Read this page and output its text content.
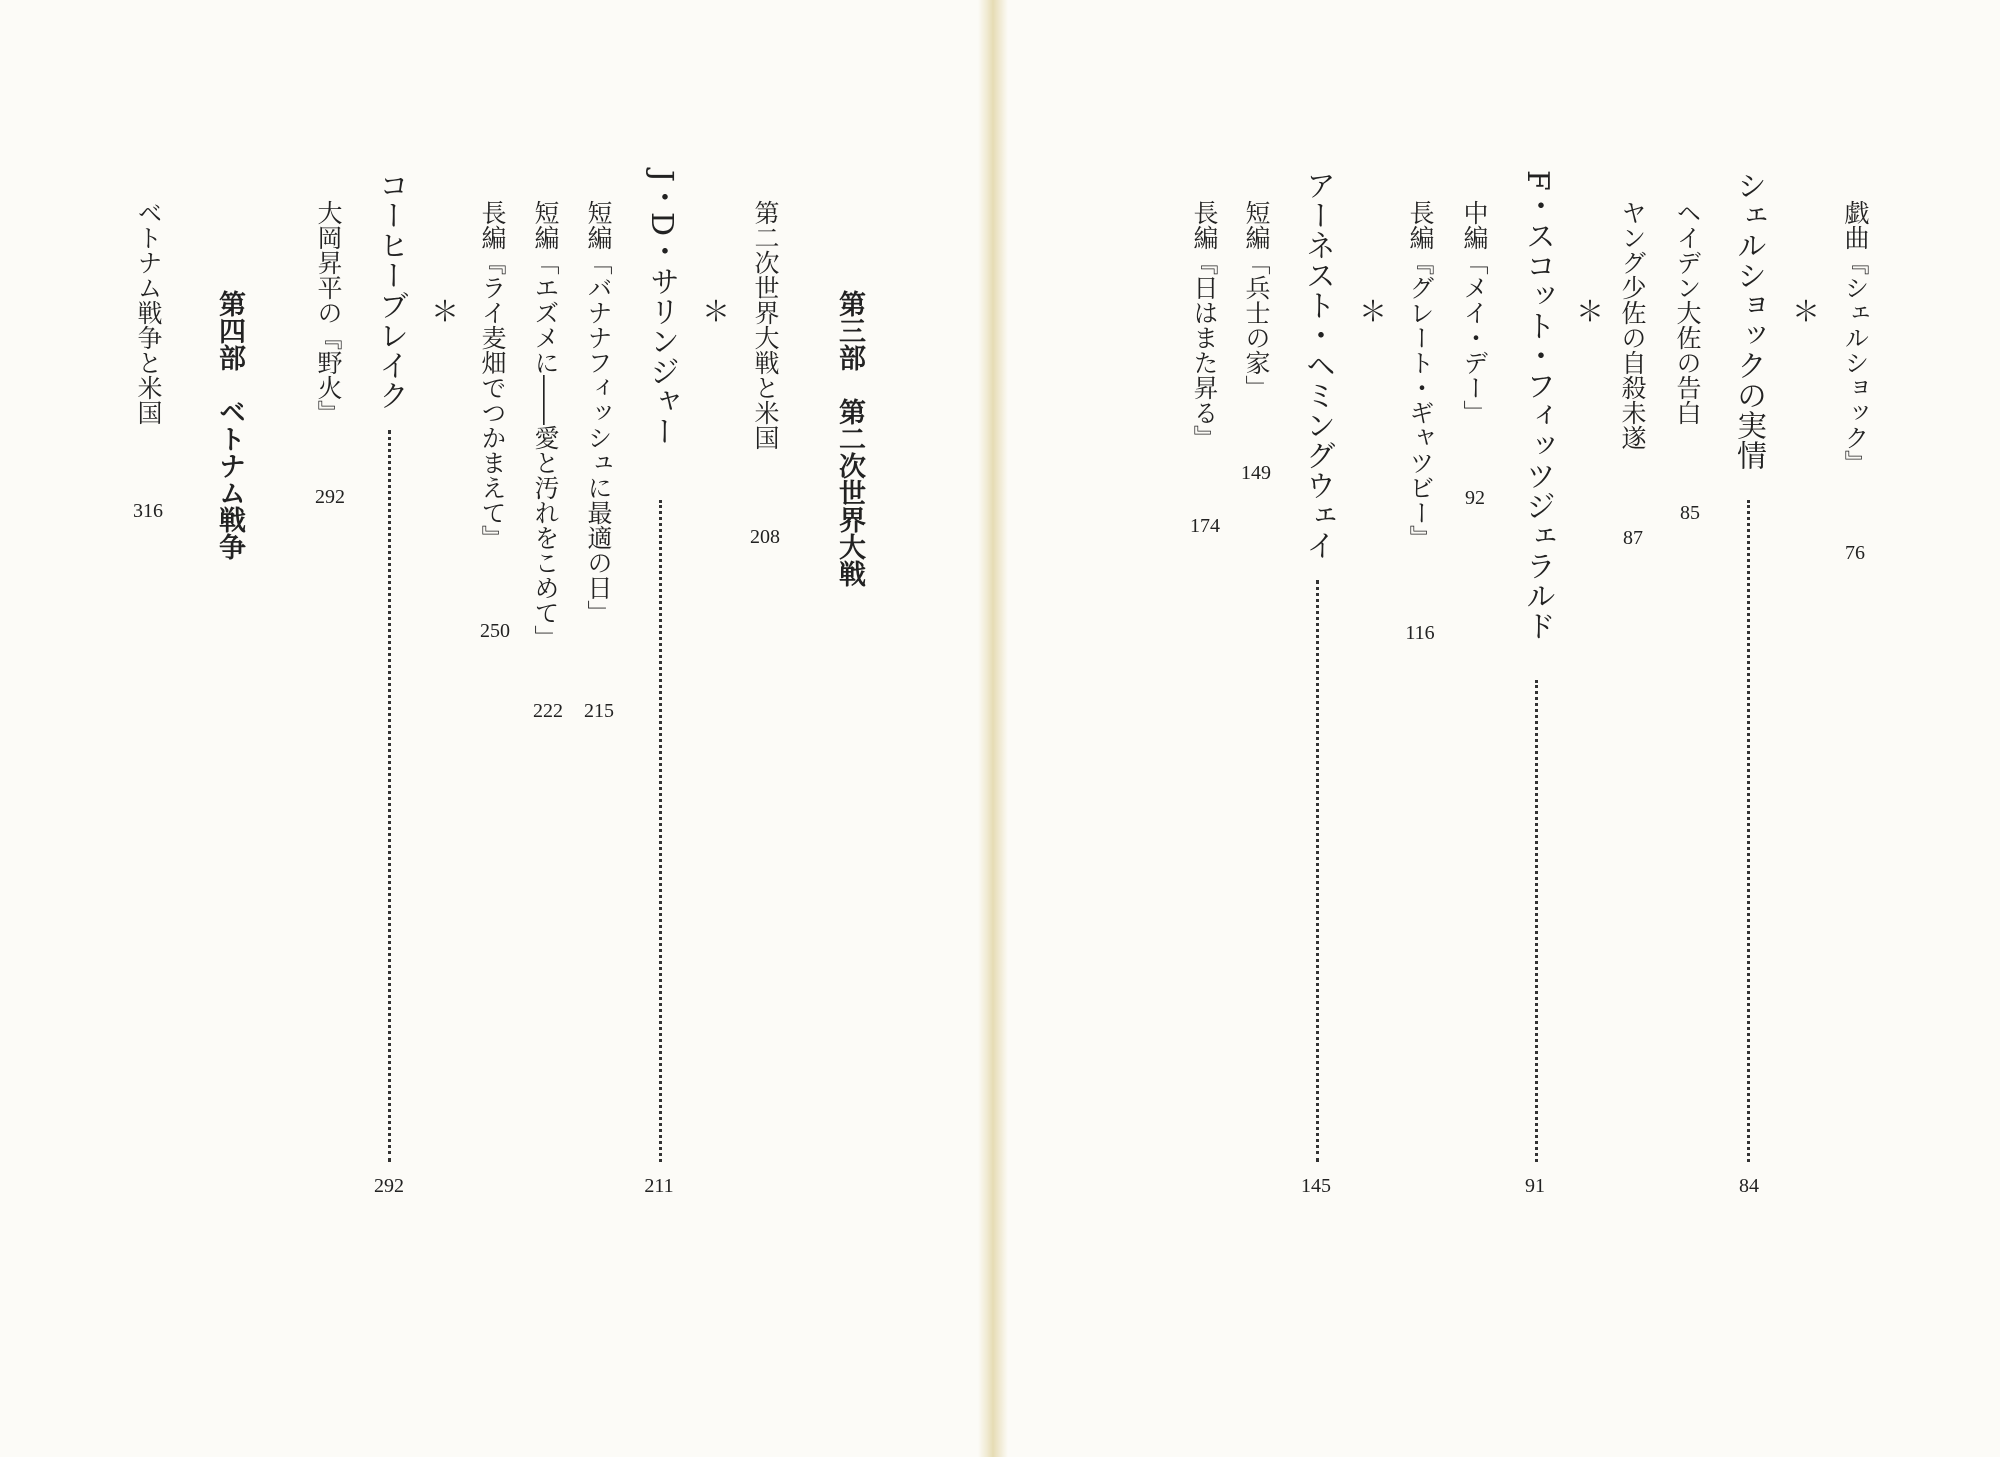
戯曲『シェルショック』
76
＊
シェルショックの実情
84
ヘイデン大佐の告白
85
ヤング少佐の自殺未遂
87
＊
F・スコット・フィッツジェラルド
91
中編「メイ・デー」
92
長編『グレート・ギャツビー』
116
＊
アーネスト・ヘミングウェイ
145
短編「兵士の家」
149
長編『日はまた昇る』
174
第三部　第二次世界大戦
第二次世界大戦と米国
208
＊
J・D・サリンジャー
211
短編「バナナフィッシュに最適の日」
215
短編「エズメに――愛と汚れをこめて」
222
長編『ライ麦畑でつかまえて』
250
＊
コーヒーブレイク
292
大岡昇平の『野火』
292
第四部　ベトナム戦争
ベトナム戦争と米国
316
